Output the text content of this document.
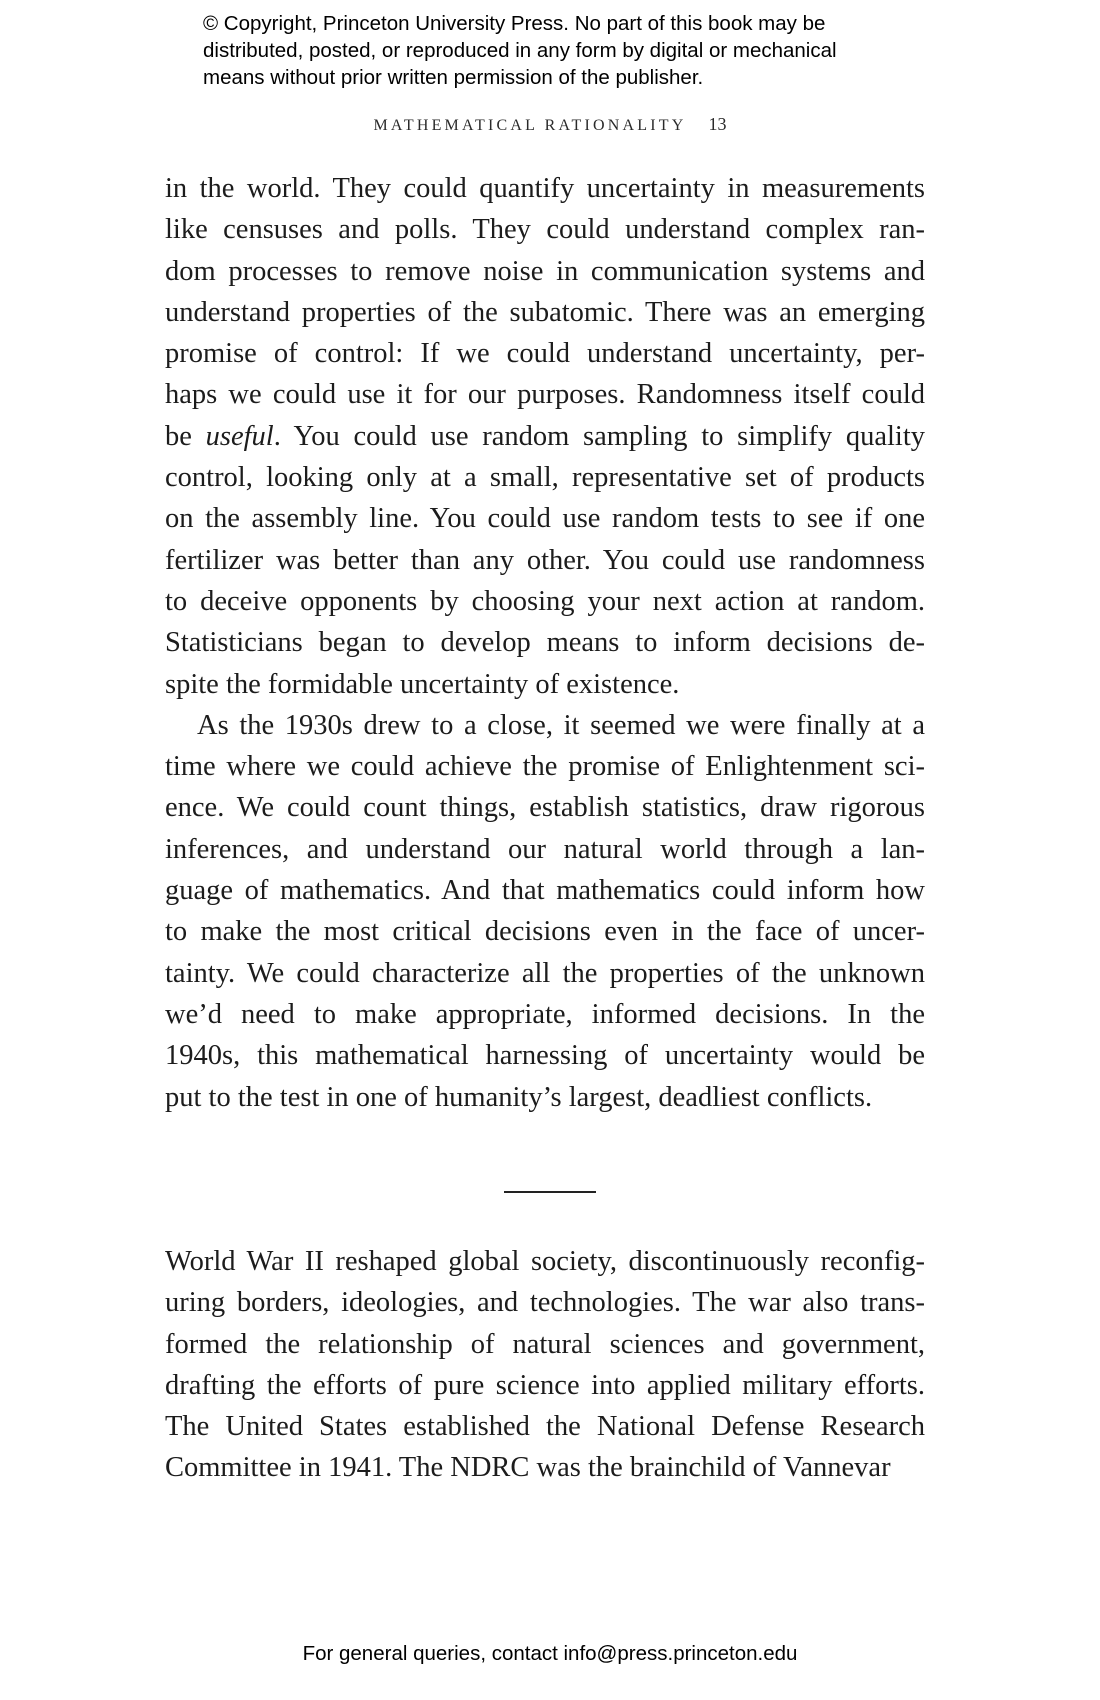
© Copyright, Princeton University Press. No part of this book may be
distributed, posted, or reproduced in any form by digital or mechanical
means without prior written permission of the publisher.
MATHEMATICAL RATIONALITY 13
in the world. They could quantify uncertainty in measurements
like censuses and polls. They could understand complex ran-
dom processes to remove noise in communication systems and
understand properties of the subatomic. There was an emerging
promise of control: If we could understand uncertainty, per-
haps we could use it for our purposes. Randomness itself could
be useful. You could use random sampling to simplify quality
control, looking only at a small, representative set of products
on the assembly line. You could use random tests to see if one
fertilizer was better than any other. You could use randomness
to deceive opponents by choosing your next action at random.
Statisticians began to develop means to inform decisions de-
spite the formidable uncertainty of existence.
As the 1930s drew to a close, it seemed we were finally at a
time where we could achieve the promise of Enlightenment sci-
ence. We could count things, establish statistics, draw rigorous
inferences, and understand our natural world through a lan-
guage of mathematics. And that mathematics could inform how
to make the most critical decisions even in the face of uncer-
tainty. We could characterize all the properties of the unknown
we’d need to make appropriate, informed decisions. In the
1940s, this mathematical harnessing of uncertainty would be
put to the test in one of humanity’s largest, deadliest conflicts.
World War II reshaped global society, discontinuously reconfig-
uring borders, ideologies, and technologies. The war also trans-
formed the relationship of natural sciences and government,
drafting the efforts of pure science into applied military efforts.
The United States established the National Defense Research
Committee in 1941. The NDRC was the brainchild of Vannevar
For general queries, contact info@press.princeton.edu
